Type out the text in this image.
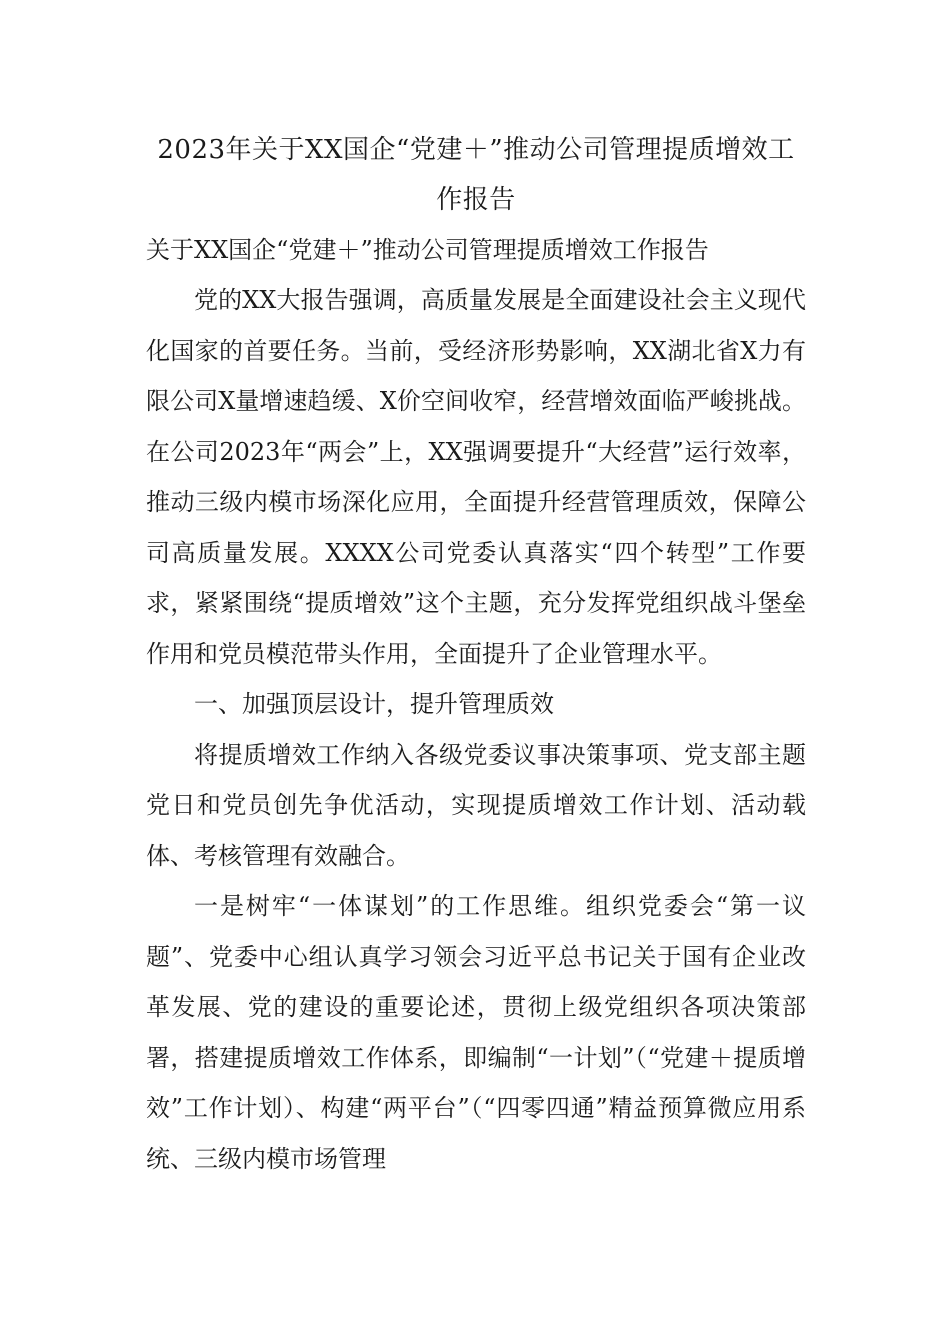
2023年关于XX国企“党建＋”推动公司管理提质增效工
作报告

关于XX国企“党建＋”推动公司管理提质增效工作报告

党的XX大报告强调，高质量发展是全面建设社会主义现代化国家的首要任务。当前，受经济形势影响，XX湖北省X力有限公司X量增速趋缓、X价空间收窄，经营增效面临严峻挑战。在公司2023年“两会”上，XX强调要提升“大经营”运行效率，推动三级内模市场深化应用，全面提升经营管理质效，保障公司高质量发展。XXXX公司党委认真落实“四个转型”工作要求，紧紧围绕“提质增效”这个主题，充分发挥党组织战斗堡垒作用和党员模范带头作用，全面提升了企业管理水平。

一、加强顶层设计，提升管理质效

将提质增效工作纳入各级党委议事决策事项、党支部主题党日和党员创先争优活动，实现提质增效工作计划、活动载体、考核管理有效融合。

一是树牢“一体谋划”的工作思维。组织党委会“第一议题”、党委中心组认真学习领会习近平总书记关于国有企业改革发展、党的建设的重要论述，贯彻上级党组织各项决策部署，搭建提质增效工作体系，即编制“一计划”（“党建＋提质增效”工作计划）、构建“两平台”（“四零四通”精益预算微应用系统、三级内模市场管理
